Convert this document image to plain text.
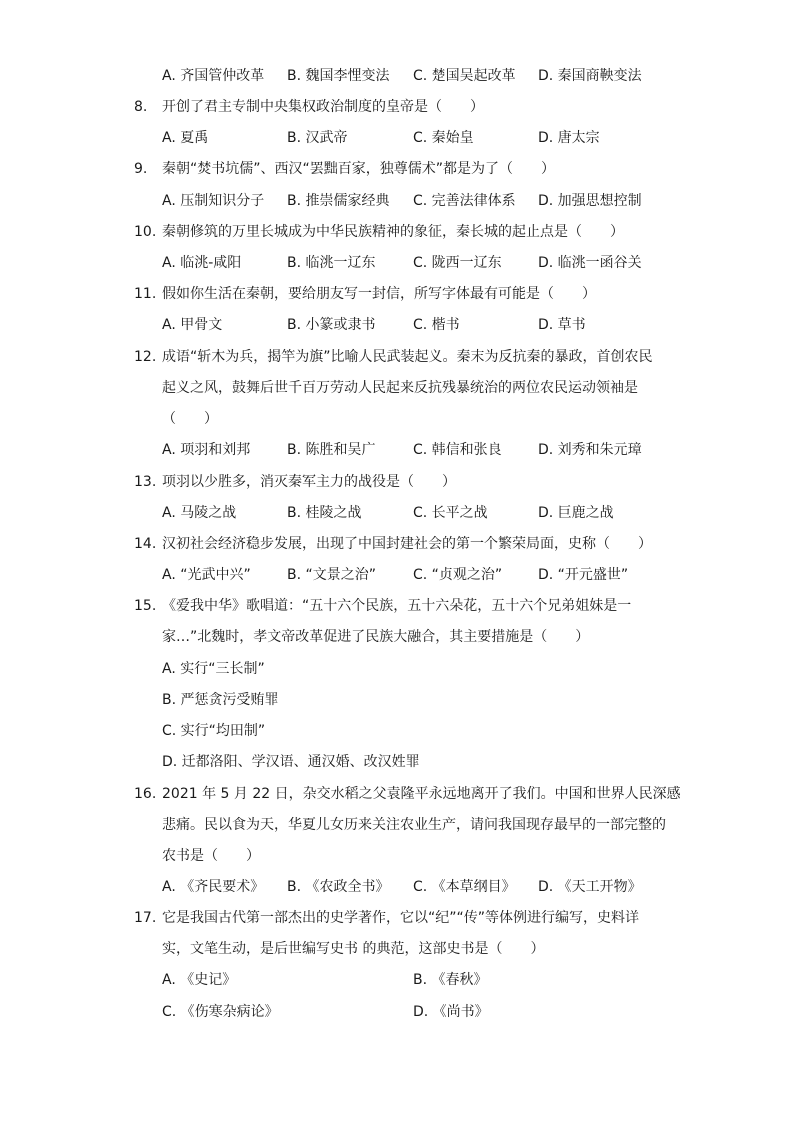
A. 齐国管仲改革 B. 魏国李悝变法 C. 楚国吴起改革 D. 秦国商鞅变法
8. 开创了君主专制中央集权政治制度的皇帝是（　　）
A. 夏禹	B. 汉武帝	C. 秦始皇	D. 唐太宗
9. 秦朝“焚书坑儒”、西汉“罢黜百家，独尊儒术”都是为了（　　）
A. 压制知识分子 B. 推崇儒家经典 C. 完善法律体系 D. 加强思想控制
10. 秦朝修筑的万里长城成为中华民族精神的象征，秦长城的起止点是（　　）
A. 临洮-咸阳	B. 临洮一辽东	C. 陇西一辽东	D. 临洮一函谷关
11. 假如你生活在秦朝，要给朋友写一封信，所写字体最有可能是（　　）
A. 甲骨文	B. 小篆或隶书	C. 楷书	D. 草书
12. 成语“斩木为兵，揭竿为旗”比喻人民武装起义。秦末为反抗秦的暴政，首创农民
起义之风，鼓舞后世千百万劳动人民起来反抗残暴统治的两位农民运动领袖是
（　　）
A. 项羽和刘邦	B. 陈胜和吴广	C. 韩信和张良	D. 刘秀和朱元璋
13. 项羽以少胜多，消灭秦军主力的战役是（　　）
A. 马陵之战	B. 桂陵之战	C. 长平之战	D. 巨鹿之战
14. 汉初社会经济稳步发展，出现了中国封建社会的第一个繁荣局面，史称（　　）
A. “光武中兴”	B. “文景之治”	C. “贞观之治”	D. “开元盛世”
15. 《爱我中华》歌唱道：“五十六个民族，五十六朵花，五十六个兄弟姐妹是一
家…”北魏时，孝文帝改革促进了民族大融合，其主要措施是（　　）
A. 实行“三长制”
B. 严惩贪污受贿罪
C. 实行“均田制”
D. 迁都洛阳、学汉语、通汉婚、改汉姓罪
16. 2021 年 5 月 22 日，杂交水稻之父袁隆平永远地离开了我们。中国和世界人民深感
悲痛。民以食为天，华夏儿女历来关注农业生产，请问我国现存最早的一部完整的
农书是（　　）
A. 《齐民要术》 B. 《农政全书》 C. 《本草纲目》 D. 《天工开物》
17. 它是我国古代第一部杰出的史学著作，它以“纪”“传”等体例进行编写，史料详
实，文笔生动，是后世编写史书 的典范，这部史书是（　　）
A. 《史记》	B. 《春秋》
C. 《伤寒杂病论》	D. 《尚书》
